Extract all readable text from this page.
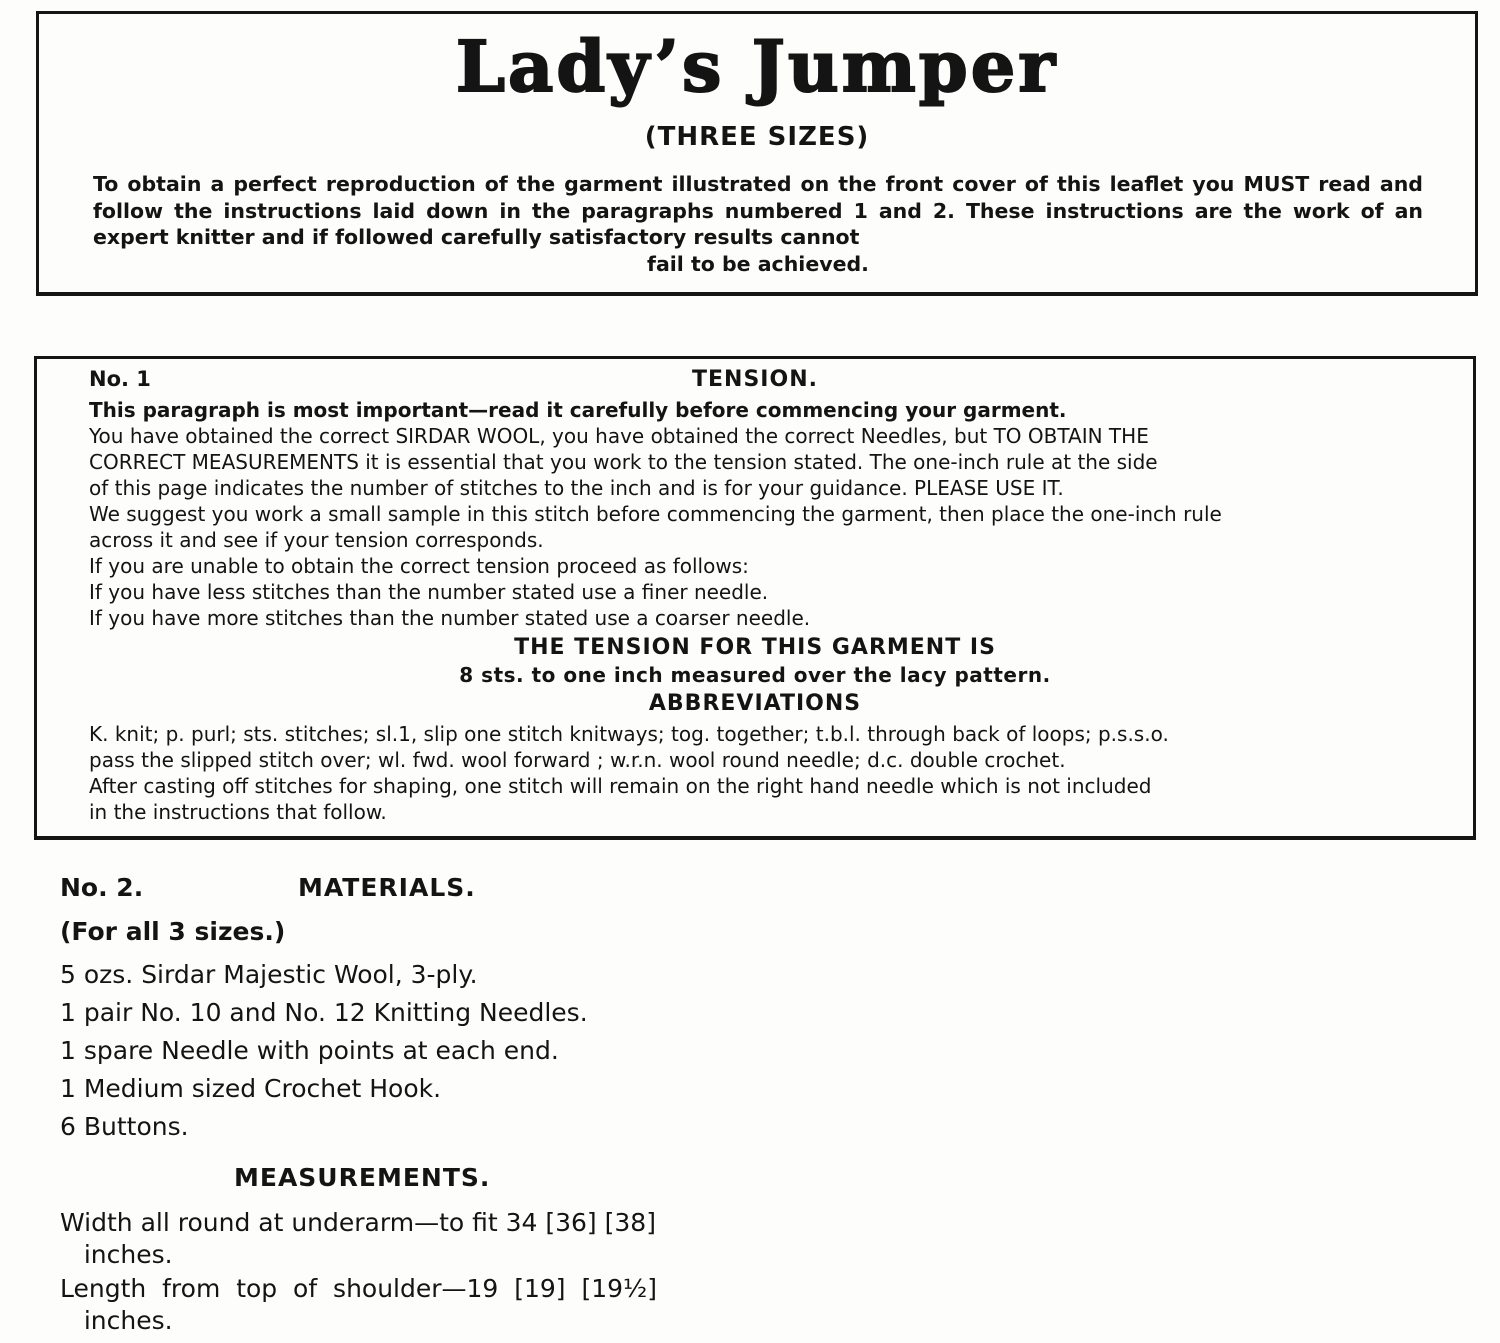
Lady’s Jumper
(THREE SIZES)
To obtain a perfect reproduction of the garment illustrated on the front cover of this leaflet you MUST read and follow the instructions laid down in the paragraphs numbered 1 and 2. These instructions are the work of an expert knitter and if followed carefully satisfactory results cannot
fail to be achieved.
No. 1	TENSION.
This paragraph is most important—read it carefully before commencing your garment.
You have obtained the correct SIRDAR WOOL, you have obtained the correct Needles, but TO OBTAIN THE
CORRECT MEASUREMENTS it is essential that you work to the tension stated. The one-inch rule at the side
of this page indicates the number of stitches to the inch and is for your guidance. PLEASE USE IT.
We suggest you work a small sample in this stitch before commencing the garment, then place the one-inch rule
across it and see if your tension corresponds.
If you are unable to obtain the correct tension proceed as follows:
If you have less stitches than the number stated use a finer needle.
If you have more stitches than the number stated use a coarser needle.
THE TENSION FOR THIS GARMENT IS
8 sts. to one inch measured over the lacy pattern.
ABBREVIATIONS
K. knit; p. purl; sts. stitches; sl.1, slip one stitch knitways; tog. together; t.b.l. through back of loops; p.s.s.o.
pass the slipped stitch over; wl. fwd. wool forward ; w.r.n. wool round needle; d.c. double crochet.
After casting off stitches for shaping, one stitch will remain on the right hand needle which is not included
in the instructions that follow.
No. 2.	MATERIALS.
(For all 3 sizes.)
5 ozs. Sirdar Majestic Wool, 3-ply.
1 pair No. 10 and No. 12 Knitting Needles.
1 spare Needle with points at each end.
1 Medium sized Crochet Hook.
6 Buttons.
MEASUREMENTS.
Width all round at underarm—to fit 34 [36] [38]
inches.
Length  from  top  of  shoulder—19  [19]  [19½]
inches.
